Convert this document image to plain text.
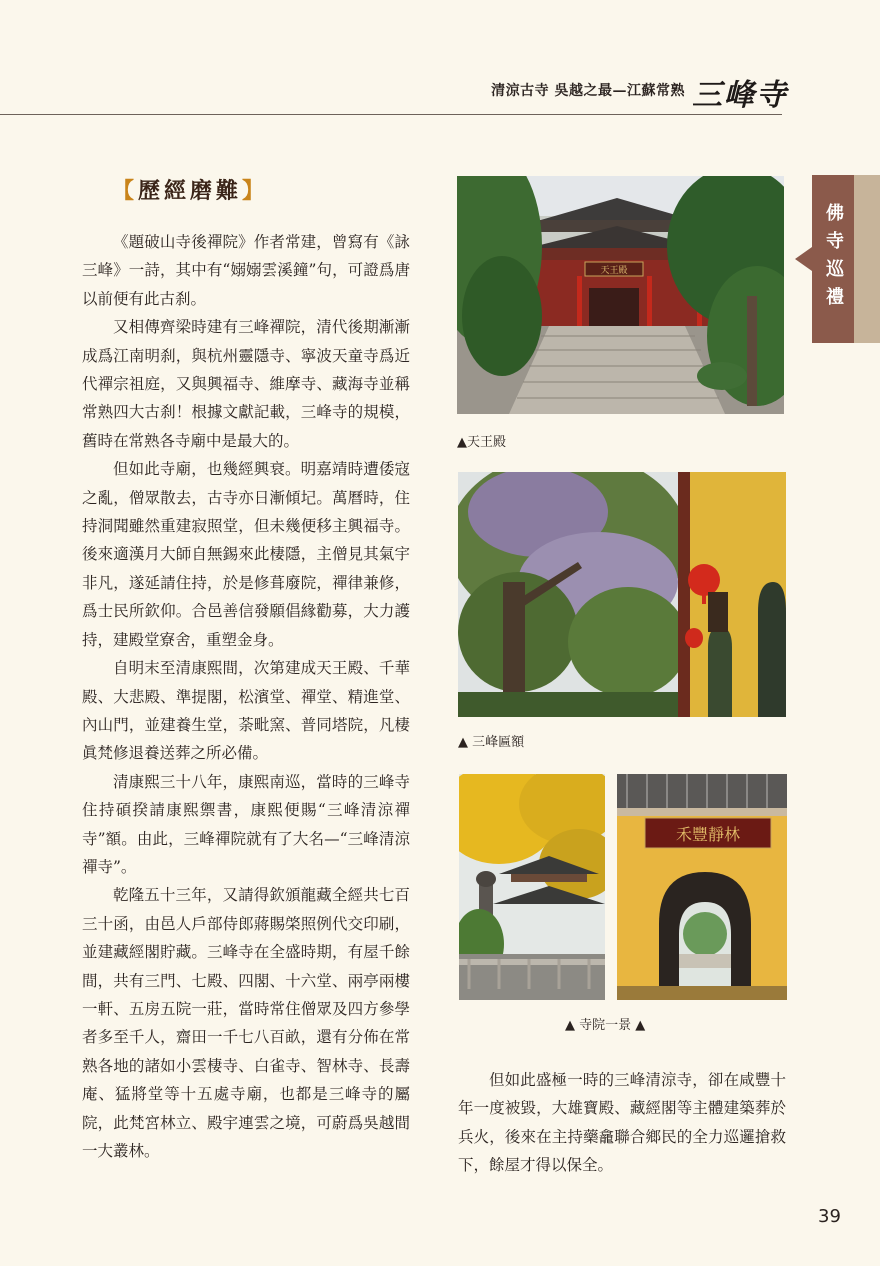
清涼古寺 吳越之最—江蘇常熟 三峰寺
佛寺巡禮
【歷經磨難】

《題破山寺後禪院》作者常建，曾寫有《詠三峰》一詩，其中有“嫋嫋雲溪鐘”句，可證爲唐以前便有此古刹。

又相傳齊梁時建有三峰禪院，清代後期漸漸成爲江南明刹，與杭州靈隱寺、寧波天童寺爲近代禪宗祖庭，又與興福寺、維摩寺、藏海寺並稱常熟四大古刹！根據文獻記載，三峰寺的規模，舊時在常熟各寺廟中是最大的。

但如此寺廟，也幾經興衰。明嘉靖時遭倭寇之亂，僧眾散去，古寺亦日漸傾圮。萬曆時，住持洞聞雖然重建寂照堂，但未幾便移主興福寺。後來適漢月大師自無錫來此棲隱，主僧見其氣宇非凡，遂延請住持，於是修葺廢院，禪律兼修，爲士民所欽仰。合邑善信發願倡緣勸募，大力護持，建殿堂寮舍，重塑金身。

自明末至清康熙間，次第建成天王殿、千華殿、大悲殿、準提閣，松濱堂、禪堂、精進堂、內山門，並建養生堂，荼毗窯、普同塔院，凡棲眞梵修退養送葬之所必備。

清康熙三十八年，康熙南巡，當時的三峰寺住持碩揆請康熙禦書，康熙便賜“三峰清涼禪寺”額。由此，三峰禪院就有了大名—“三峰清涼禪寺”。

乾隆五十三年，又請得欽頒龍藏全經共七百三十函，由邑人戶部侍郎蔣賜棨照例代交印刷，並建藏經閣貯藏。三峰寺在全盛時期，有屋千餘間，共有三門、七殿、四閣、十六堂、兩亭兩樓一軒、五房五院一莊，當時常住僧眾及四方參學者多至千人，齋田一千七八百畝，還有分佈在常熟各地的諸如小雲棲寺、白雀寺、智林寺、長壽庵、猛將堂等十五處寺廟，也都是三峰寺的屬院，此梵宮林立、殿宇連雲之境，可蔚爲吳越間一大叢林。

天王殿
▲天王殿
▲ 三峰匾額
禾豐靜林
▲ 寺院一景 ▲

但如此盛極一時的三峰清涼寺，卻在咸豐十年一度被毀，大雄寶殿、藏經閣等主體建築葬於兵火，後來在主持藥龕聯合鄉民的全力巡邏搶救下，餘屋才得以保全。

39
